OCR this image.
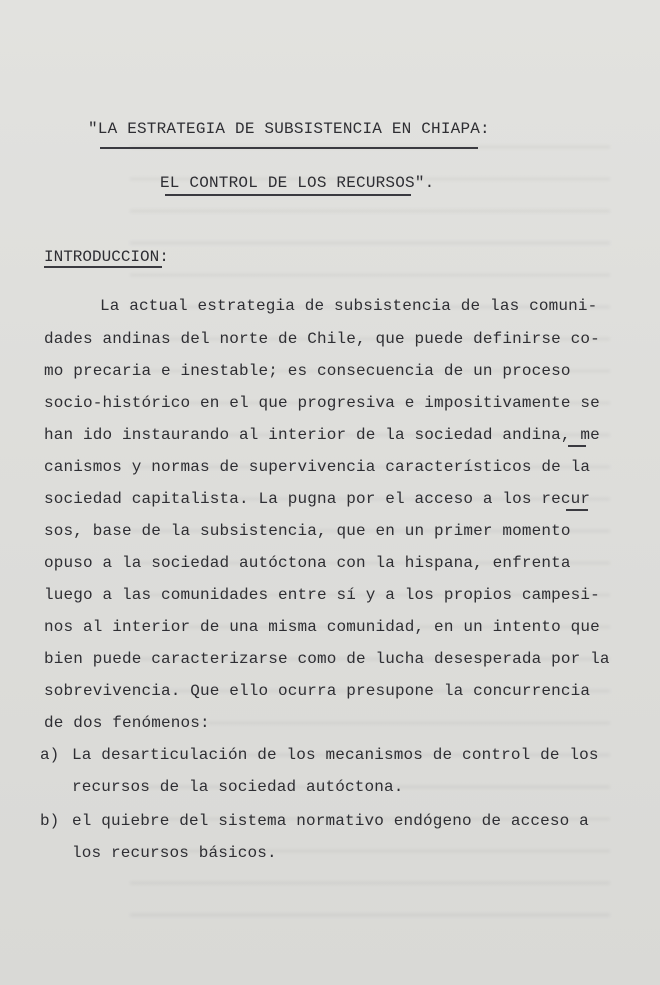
"LA ESTRATEGIA DE SUBSISTENCIA EN CHIAPA:
EL CONTROL DE LOS RECURSOS".
INTRODUCCION:
La actual estrategia de subsistencia de las comuni-
dades andinas del norte de Chile, que puede definirse co-
mo precaria e inestable; es consecuencia de un proceso
socio-histórico en el que progresiva e impositivamente se
han ido instaurando al interior de la sociedad andina, me
canismos y normas de supervivencia característicos de la
sociedad capitalista. La pugna por el acceso a los recur
sos, base de la subsistencia, que en un primer momento
opuso a la sociedad autóctona con la hispana, enfrenta
luego a las comunidades entre sí y a los propios campesi-
nos al interior de una misma comunidad, en un intento que
bien puede caracterizarse como de lucha desesperada por la
sobrevivencia. Que ello ocurra presupone la concurrencia
de dos fenómenos:
a) La desarticulación de los mecanismos de control de los
recursos de la sociedad autóctona.
b) el quiebre del sistema normativo endógeno de acceso a
los recursos básicos.
